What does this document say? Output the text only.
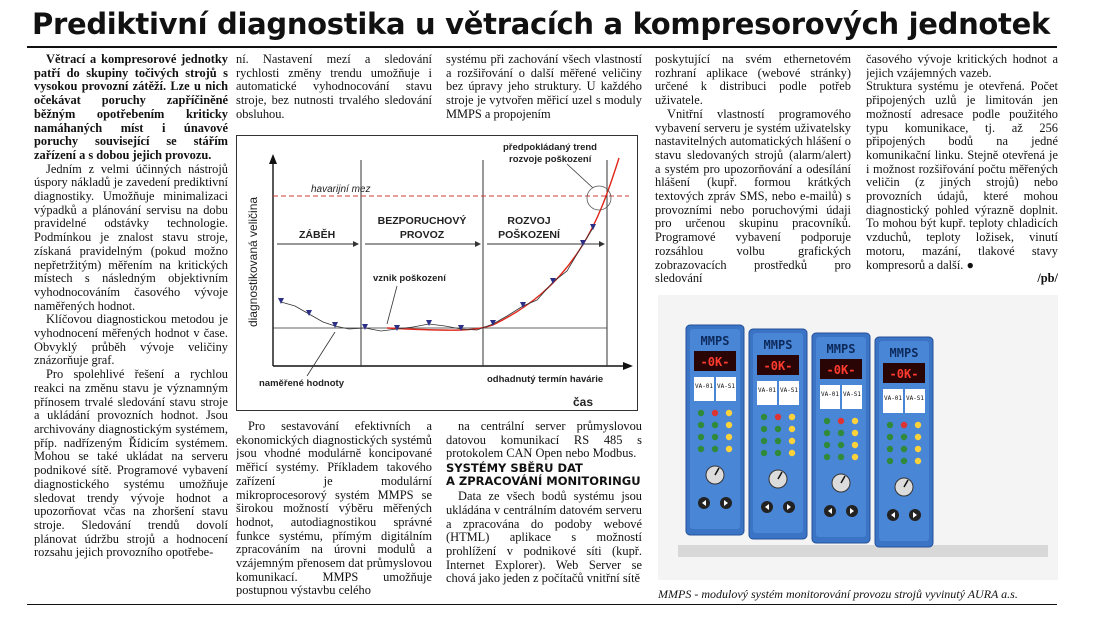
Prediktivní diagnostika u větracích a kompresorových jednotek

Větrací a kompresorové jednotky patří do skupiny točivých strojů s vysokou provozní zátěží. Lze u nich očekávat poruchy zapříčiněné běžným opotřebením kriticky namáhaných míst i únavové poruchy související se stářím zařízení a s dobou jejich provozu.

Jedním z velmi účinných nástrojů úspory nákladů je zavedení prediktivní diagnostiky. Umožňuje minimalizaci výpadků a plánování servisu na dobu pravidelné odstávky technologie. Podmínkou je znalost stavu stroje, získaná pravidelným (pokud možno nepřetržitým) měřením na kritických místech s následným objektivním vyhodnocováním časového vývoje naměřených hodnot.

Klíčovou diagnostickou metodou je vyhodnocení měřených hodnot v čase. Obvyklý průběh vývoje veličiny znázorňuje graf.

Pro spolehlivé řešení a rychlou reakci na změnu stavu je významným přínosem trvalé sledování stavu stroje a ukládání provozních hodnot. Jsou archivovány diagnostickým systémem, příp. nadřízeným Řídicím systémem. Mohou se také ukládat na serveru podnikové sítě. Programové vybavení diagnostického systému umožňuje sledovat trendy vývoje hodnot a upozorňovat včas na zhoršení stavu stroje. Sledování trendů dovolí plánovat údržbu strojů a hodnocení rozsahu jejich provozního opotřebe-

ní. Nastavení mezí a sledování rychlosti změny trendu umožňuje i automatické vyhodnocování stavu stroje, bez nutnosti trvalého sledování obsluhou.

systému při zachování všech vlastností a rozšiřování o další měřené veličiny bez úpravy jeho struktury. U každého stroje je vytvořen měřicí uzel s moduly MMPS a propojením

havarijní mez
ZÁBĚH
BEZPORUCHOVÝ
PROVOZ
ROZVOJ
POŠKOZENÍ
předpokládaný trend
rozvoje poškození
vznik poškození
naměřené hodnoty	odhadnutý termín havárie
diagnostikovaná veličina
čas

Pro sestavování efektivních a ekonomických diagnostických systémů jsou vhodné modulárně koncipované měřicí systémy. Příkladem takového zařízení je modulární mikroprocesorový systém MMPS se širokou možností výběru měřených hodnot, autodiagnostikou správné funkce systému, přímým digitálním zpracováním na úrovni modulů a vzájemným přenosem dat průmyslovou komunikací. MMPS umožňuje postupnou výstavbu celého

na centrální server průmyslovou datovou komunikací RS 485 s protokolem CAN Open nebo Modbus.

SYSTÉMY SBĚRU DAT
A ZPRACOVÁNÍ MONITORINGU

Data ze všech bodů systému jsou ukládána v centrálním datovém serveru a zpracována do podoby webové (HTML) aplikace s možností prohlížení v podnikové síti (kupř. Internet Explorer). Web Server se chová jako jeden z počítačů vnitřní sítě

poskytující na svém ethernetovém rozhraní aplikace (webové stránky) určené k distribuci podle potřeb uživatele.

Vnitřní vlastností programového vybavení serveru je systém uživatelsky nastavitelných automatických hlášení o stavu sledovaných strojů (alarm/alert) a systém pro upozorňování a odesílání hlášení (kupř. formou krátkých textových zpráv SMS, nebo e-mailů) s provozními nebo poruchovými údaji pro určenou skupinu pracovníků. Programové vybavení podporuje rozsáhlou volbu grafických zobrazovacích prostředků pro sledování

časového vývoje kritických hodnot a jejich vzájemných vazeb.

Struktura systému je otevřená. Počet připojených uzlů je limitován jen možností adresace podle použitého typu komunikace, tj. až 256 připojených bodů na jedné komunikační linku. Stejně otevřená je i možnost rozšiřování počtu měřených veličin (z jiných strojů) nebo provozních údajů, které mohou diagnostický pohled výrazně doplnit. To mohou být kupř. teploty chladicích vzduchů, teploty ložisek, vinutí motoru, mazání, tlakové stavy kompresorů a další. ●

/pb/
MMPS
-0K-
VA-01 VA-S1
MMPS
-0K-
VA-01 VA-S1
MMPS
-0K-
VA-01 VA-S1
MMPS
-0K-
VA-01 VA-S1
MMPS - modulový systém monitorování provozu strojů vyvinutý AURA a.s.
